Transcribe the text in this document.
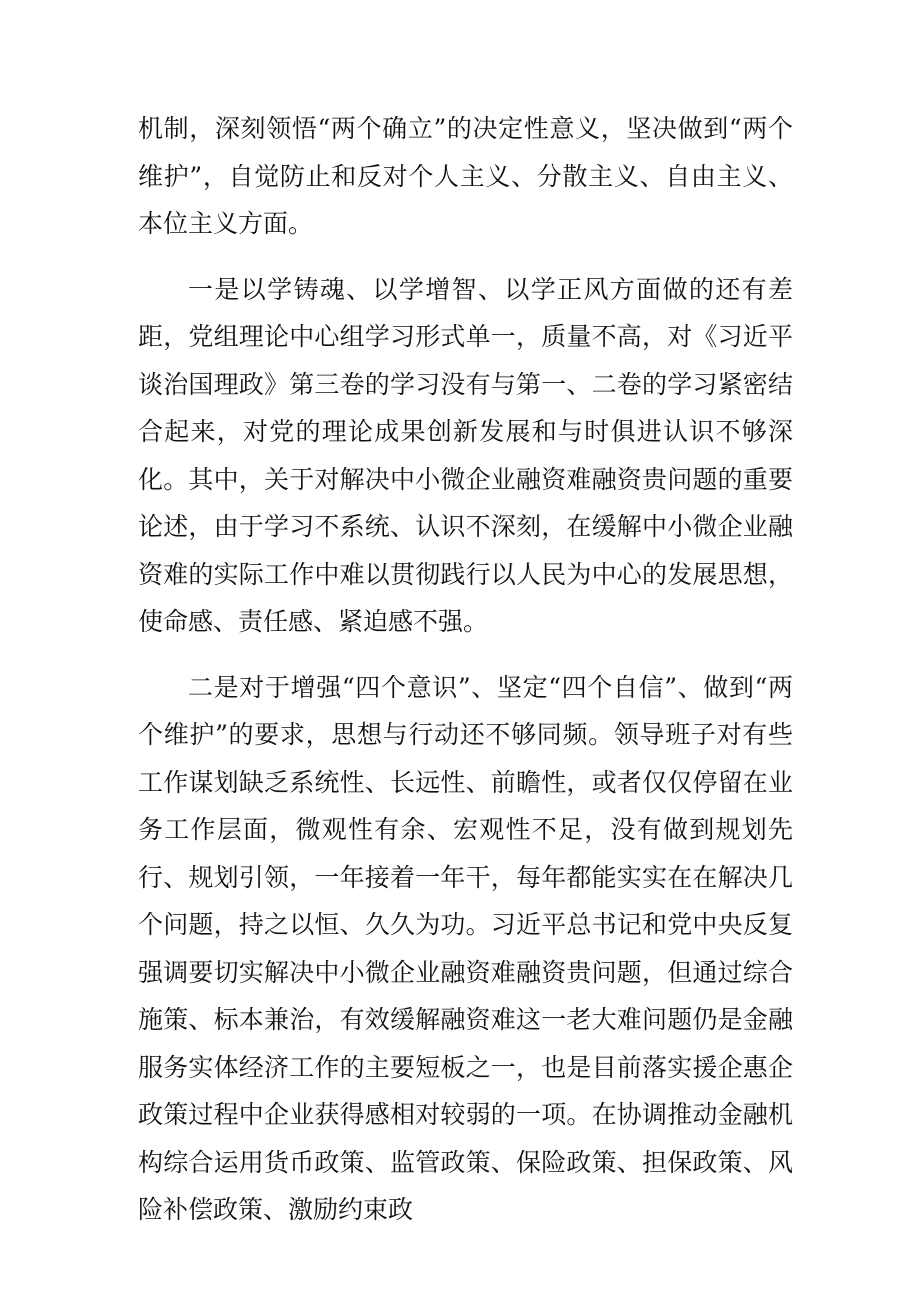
机制，深刻领悟“两个确立”的决定性意义，坚决做到“两个维护”，自觉防止和反对个人主义、分散主义、自由主义、本位主义方面。

一是以学铸魂、以学增智、以学正风方面做的还有差距，党组理论中心组学习形式单一，质量不高，对《习近平谈治国理政》第三卷的学习没有与第一、二卷的学习紧密结合起来，对党的理论成果创新发展和与时俱进认识不够深化。其中，关于对解决中小微企业融资难融资贵问题的重要论述，由于学习不系统、认识不深刻，在缓解中小微企业融资难的实际工作中难以贯彻践行以人民为中心的发展思想，使命感、责任感、紧迫感不强。

二是对于增强“四个意识”、坚定“四个自信”、做到“两个维护”的要求，思想与行动还不够同频。领导班子对有些工作谋划缺乏系统性、长远性、前瞻性，或者仅仅停留在业务工作层面，微观性有余、宏观性不足，没有做到规划先行、规划引领，一年接着一年干，每年都能实实在在解决几个问题，持之以恒、久久为功。习近平总书记和党中央反复强调要切实解决中小微企业融资难融资贵问题，但通过综合施策、标本兼治，有效缓解融资难这一老大难问题仍是金融服务实体经济工作的主要短板之一，也是目前落实援企惠企政策过程中企业获得感相对较弱的一项。在协调推动金融机构综合运用货币政策、监管政策、保险政策、担保政策、风险补偿政策、激励约束政
